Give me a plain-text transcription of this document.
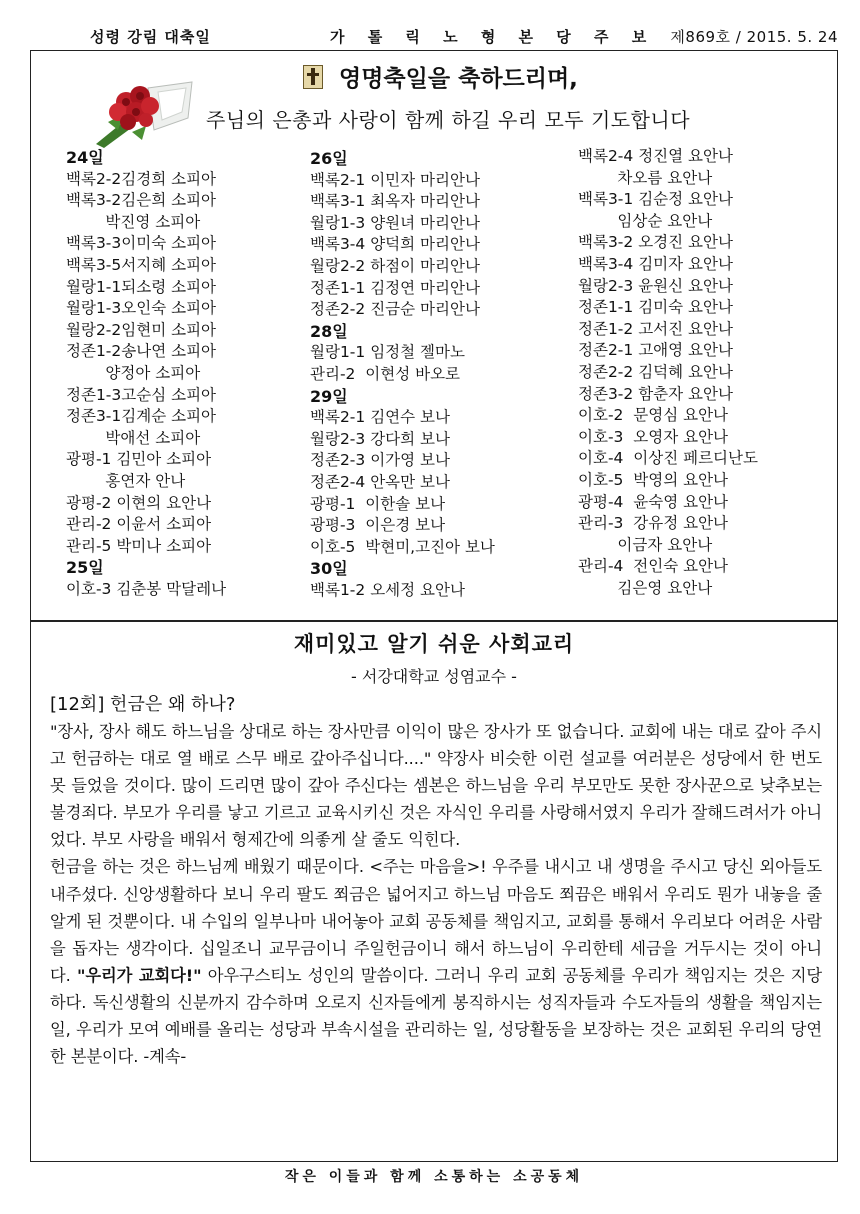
성령 강림 대축일	가 톨 릭 노 형 본 당 주 보 제869호 / 2015. 5. 24
영명축일을 축하드리며,
주님의 은총과 사랑이 함께 하길 우리 모두 기도합니다
24일
백록2-2김경희 소피아
백록3-2김은희 소피아
박진영 소피아
백록3-3이미숙 소피아
백록3-5서지혜 소피아
월랑1-1되소령 소피아
월랑1-3오인숙 소피아
월랑2-2임현미 소피아
정존1-2송나연 소피아
양정아 소피아
정존1-3고순심 소피아
정존3-1김계순 소피아
박애선 소피아
광평-1 김민아 소피아
홍연자 안나
광평-2 이현의 요안나
관리-2 이윤서 소피아
관리-5 박미나 소피아
25일
이호-3 김춘봉 막달레나
26일
백록2-1 이민자 마리안나
백록3-1 최옥자 마리안나
월랑1-3 양원녀 마리안나
백록3-4 양덕희 마리안나
월랑2-2 하점이 마리안나
정존1-1 김정연 마리안나
정존2-2 진금순 마리안나
28일
월랑1-1 임정철 젤마노
관리-2  이현성 바오로
29일
백록2-1 김연수 보나
월랑2-3 강다희 보나
정존2-3 이가영 보나
정존2-4 안옥만 보나
광평-1  이한솔 보나
광평-3  이은경 보나
이호-5  박현미,고진아 보나
30일
백록1-2 오세정 요안나
백록2-4 정진열 요안나
차오름 요안나
백록3-1 김순정 요안나
임상순 요안나
백록3-2 오경진 요안나
백록3-4 김미자 요안나
월랑2-3 윤원신 요안나
정존1-1 김미숙 요안나
정존1-2 고서진 요안나
정존2-1 고애영 요안나
정존2-2 김덕혜 요안나
정존3-2 함춘자 요안나
이호-2  문영심 요안나
이호-3  오영자 요안나
이호-4  이상진 페르디난도
이호-5  박영의 요안나
광평-4  윤숙영 요안나
관리-3  강유정 요안나
이금자 요안나
관리-4  전인숙 요안나
김은영 요안나
재미있고 알기 쉬운 사회교리
- 서강대학교 성염교수 -
[12회] 헌금은 왜 하나?

"장사, 장사 해도 하느님을 상대로 하는 장사만큼 이익이 많은 장사가 또 없습니다. 교회에 내는 대로 갚아 주시고 헌금하는 대로 열 배로 스무 배로 갚아주십니다...." 약장사 비슷한 이런 설교를 여러분은 성당에서 한 번도 못 들었을 것이다. 많이 드리면 많이 갚아 주신다는 셈본은 하느님을 우리 부모만도 못한 장사꾼으로 낮추보는 불경죄다. 부모가 우리를 낳고 기르고 교육시키신 것은 자식인 우리를 사랑해서였지 우리가 잘해드려서가 아니었다. 부모 사랑을 배워서 형제간에 의좋게 살 줄도 익힌다.

헌금을 하는 것은 하느님께 배웠기 때문이다. <주는 마음을>! 우주를 내시고 내 생명을 주시고 당신 외아들도 내주셨다. 신앙생활하다 보니 우리 팔도 쬐금은 넓어지고 하느님 마음도 쬐끔은 배워서 우리도 뭔가 내놓을 줄 알게 된 것뿐이다. 내 수입의 일부나마 내어놓아 교회 공동체를 책임지고, 교회를 통해서 우리보다 어려운 사람을 돕자는 생각이다. 십일조니 교무금이니 주일헌금이니 해서 하느님이 우리한테 세금을 거두시는 것이 아니다. "우리가 교회다!" 아우구스티노 성인의 말씀이다. 그러니 우리 교회 공동체를 우리가 책임지는 것은 지당하다. 독신생활의 신분까지 감수하며 오로지 신자들에게 봉직하시는 성직자들과 수도자들의 생활을 책임지는 일, 우리가 모여 예배를 올리는 성당과 부속시설을 관리하는 일, 성당활동을 보장하는 것은 교회된 우리의 당연한 본분이다. -계속-

작은 이들과 함께 소통하는 소공동체
